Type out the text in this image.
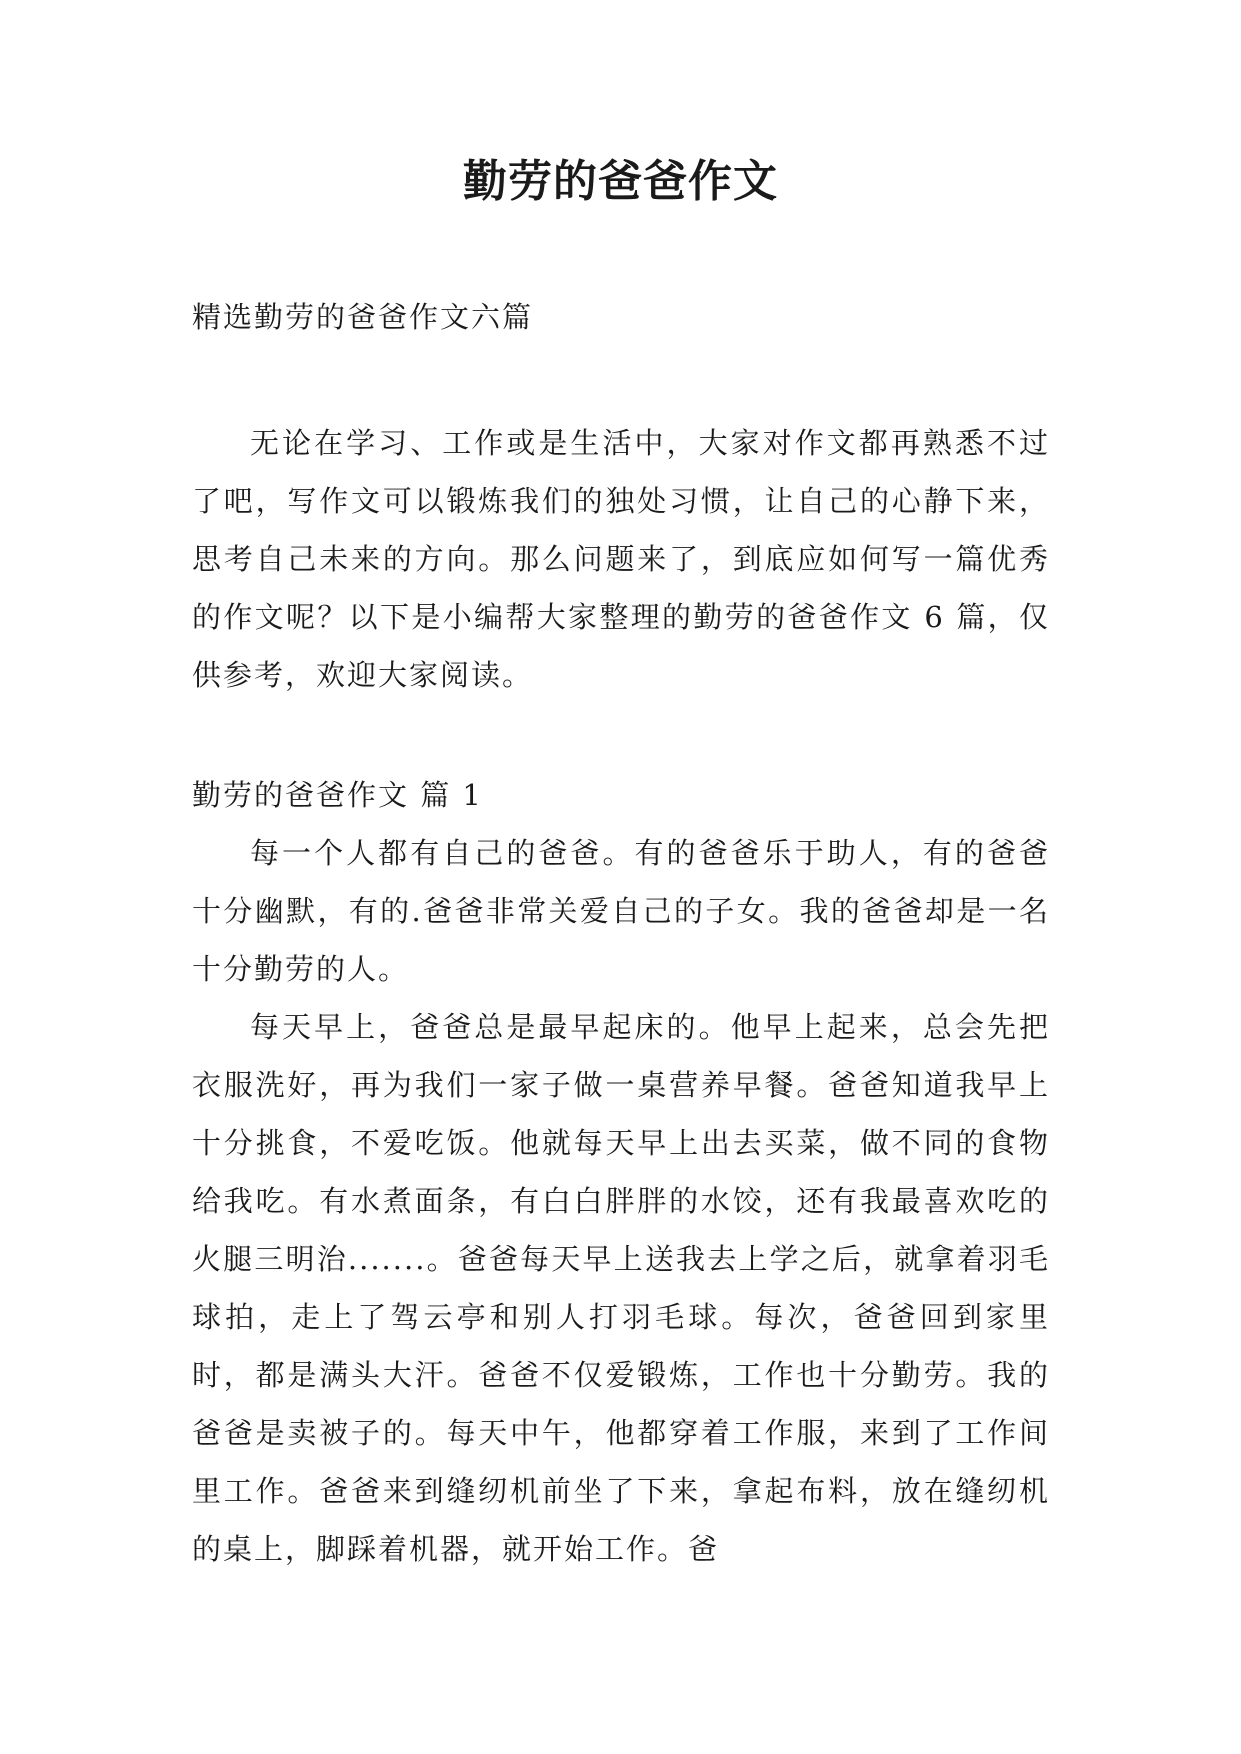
勤劳的爸爸作文

精选勤劳的爸爸作文六篇

无论在学习、工作或是生活中，大家对作文都再熟悉不过了吧，写作文可以锻炼我们的独处习惯，让自己的心静下来，思考自己未来的方向。那么问题来了，到底应如何写一篇优秀的作文呢？以下是小编帮大家整理的勤劳的爸爸作文 6 篇，仅供参考，欢迎大家阅读。

勤劳的爸爸作文 篇 1

每一个人都有自己的爸爸。有的爸爸乐于助人，有的爸爸十分幽默，有的.爸爸非常关爱自己的子女。我的爸爸却是一名十分勤劳的人。

每天早上，爸爸总是最早起床的。他早上起来，总会先把衣服洗好，再为我们一家子做一桌营养早餐。爸爸知道我早上十分挑食，不爱吃饭。他就每天早上出去买菜，做不同的食物给我吃。有水煮面条，有白白胖胖的水饺，还有我最喜欢吃的火腿三明治.......。爸爸每天早上送我去上学之后，就拿着羽毛球拍，走上了驾云亭和别人打羽毛球。每次，爸爸回到家里时，都是满头大汗。爸爸不仅爱锻炼，工作也十分勤劳。我的爸爸是卖被子的。每天中午，他都穿着工作服，来到了工作间里工作。爸爸来到缝纫机前坐了下来，拿起布料，放在缝纫机的桌上，脚踩着机器，就开始工作。爸
